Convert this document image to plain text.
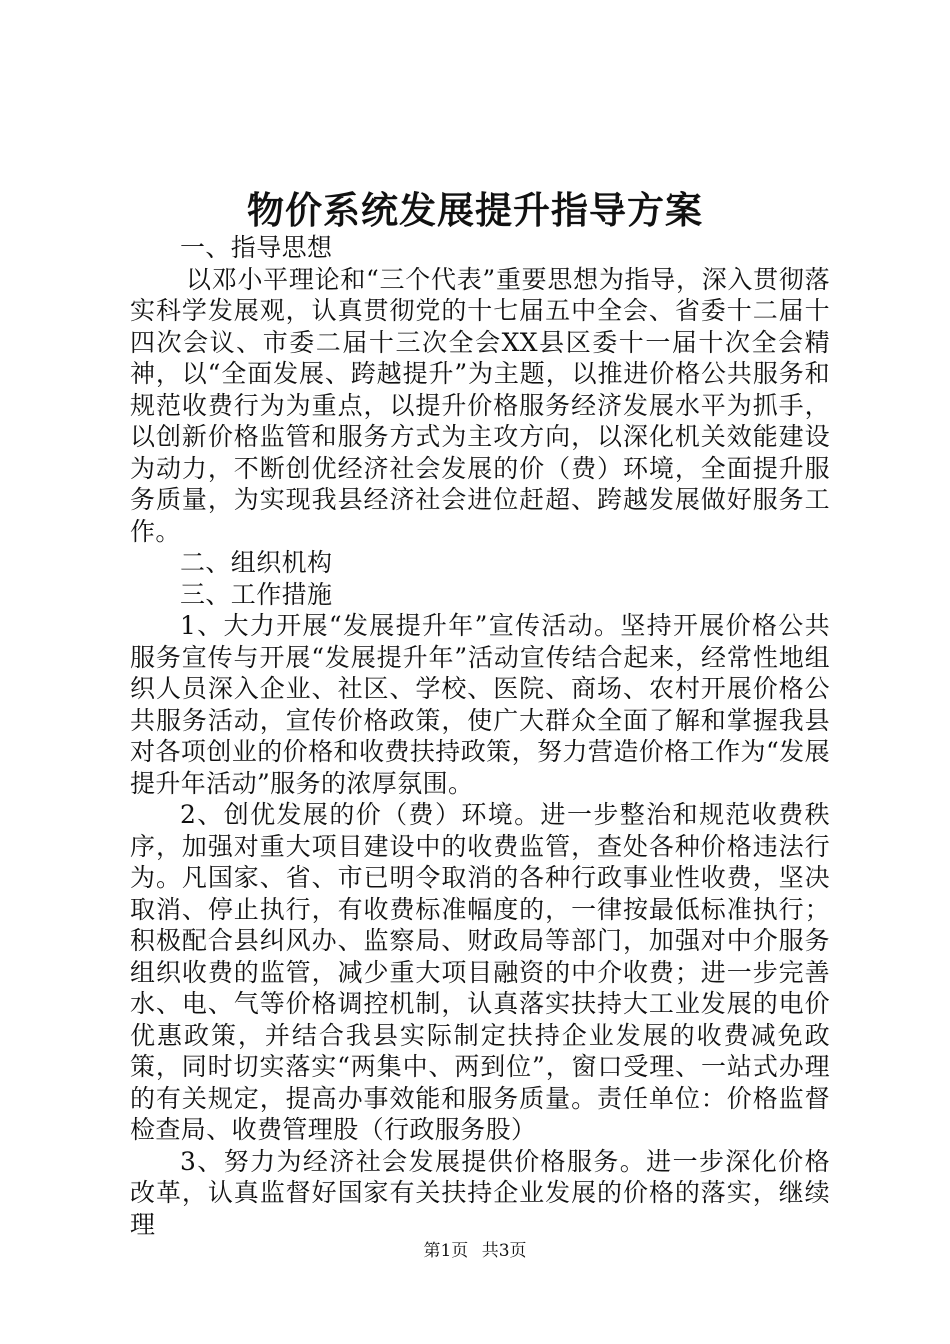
物价系统发展提升指导方案

一、指导思想

以邓小平理论和“三个代表”重要思想为指导，深入贯彻落实科学发展观，认真贯彻党的十七届五中全会、省委十二届十四次会议、市委二届十三次全会XX县区委十一届十次全会精神，以“全面发展、跨越提升”为主题，以推进价格公共服务和规范收费行为为重点，以提升价格服务经济发展水平为抓手，以创新价格监管和服务方式为主攻方向，以深化机关效能建设为动力，不断创优经济社会发展的价（费）环境，全面提升服务质量，为实现我县经济社会进位赶超、跨越发展做好服务工作。

二、组织机构

三、工作措施

1、大力开展“发展提升年”宣传活动。坚持开展价格公共服务宣传与开展“发展提升年”活动宣传结合起来，经常性地组织人员深入企业、社区、学校、医院、商场、农村开展价格公共服务活动，宣传价格政策，使广大群众全面了解和掌握我县对各项创业的价格和收费扶持政策，努力营造价格工作为“发展提升年活动”服务的浓厚氛围。

2、创优发展的价（费）环境。进一步整治和规范收费秩序，加强对重大项目建设中的收费监管，查处各种价格违法行为。凡国家、省、市已明令取消的各种行政事业性收费，坚决取消、停止执行，有收费标准幅度的，一律按最低标准执行；积极配合县纠风办、监察局、财政局等部门，加强对中介服务组织收费的监管，减少重大项目融资的中介收费；进一步完善水、电、气等价格调控机制，认真落实扶持大工业发展的电价优惠政策，并结合我县实际制定扶持企业发展的收费减免政策，同时切实落实“两集中、两到位”，窗口受理、一站式办理的有关规定，提高办事效能和服务质量。责任单位：价格监督检查局、收费管理股（行政服务股）

3、努力为经济社会发展提供价格服务。进一步深化价格改革，认真监督好国家有关扶持企业发展的价格的落实，继续理

第1页 共3页
